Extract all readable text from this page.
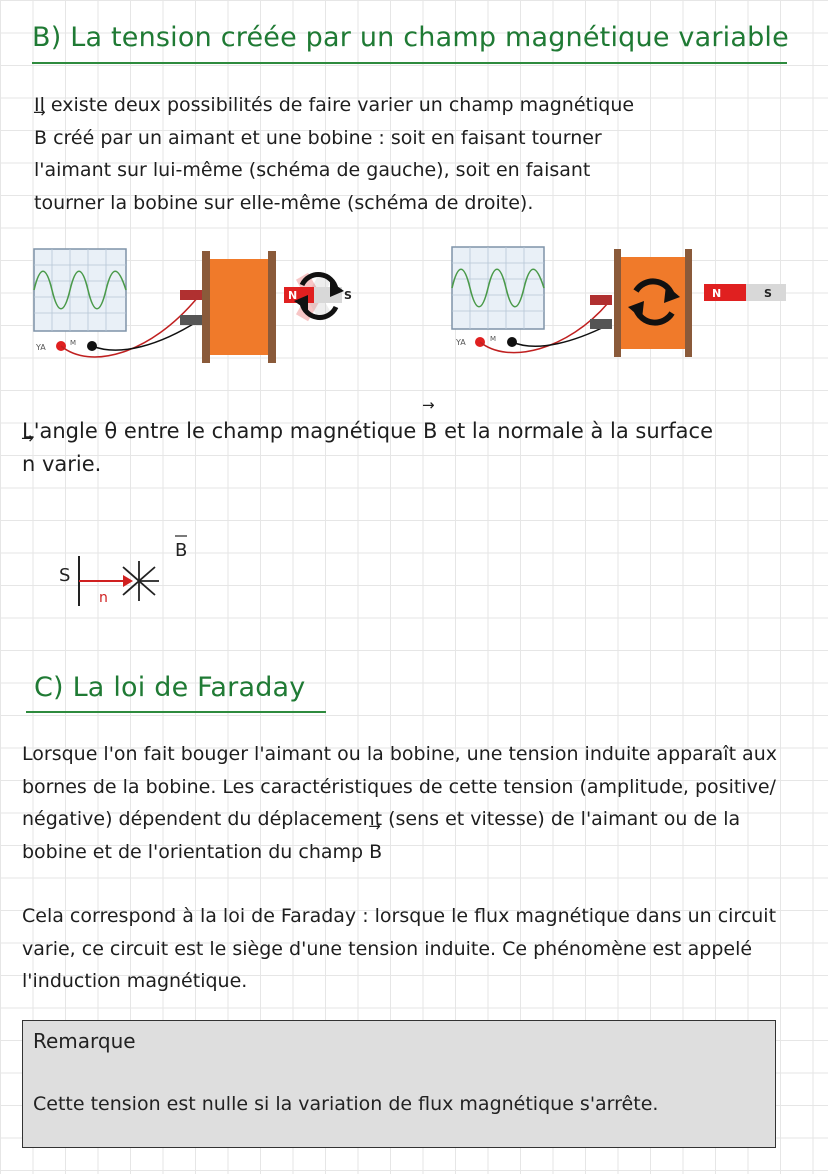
B) La tension créée par un champ magnétique variable
Il existe deux possibilités de faire varier un champ magnétique
→ B créé par un aimant et une bobine : soit en faisant tourner
l'aimant sur lui-même (schéma de gauche), soit en faisant
tourner la bobine sur elle-même (schéma de droite).
YA	M
N	S
YA	M
N	S
L'angle θ entre le champ magnétique → B et la normale à la surface
→ n varie.
S
n
B
C) La loi de Faraday
Lorsque l'on fait bouger l'aimant ou la bobine, une tension induite apparaît aux
bornes de la bobine. Les caractéristiques de cette tension (amplitude, positive/
négative) dépendent du déplacement (sens et vitesse) de l'aimant ou de la
bobine et de l'orientation du champ → B
Cela correspond à la loi de Faraday : lorsque le flux magnétique dans un circuit
varie, ce circuit est le siège d'une tension induite. Ce phénomène est appelé
l'induction magnétique.
Remarque
Cette tension est nulle si la variation de flux magnétique s'arrête.
